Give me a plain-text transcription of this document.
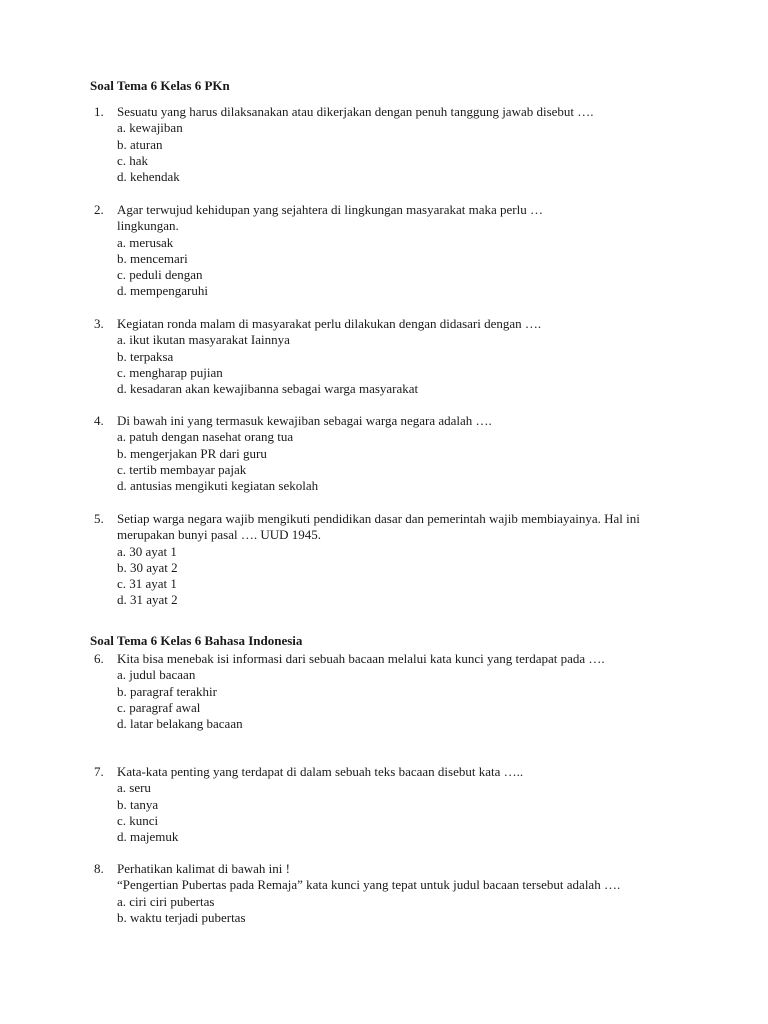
Soal Tema 6 Kelas 6 PKn
1.	Sesuatu yang harus dilaksanakan atau dikerjakan dengan penuh tanggung jawab disebut ….
a. kewajiban
b. aturan
c. hak
d. kehendak
2.	Agar terwujud kehidupan yang sejahtera di lingkungan masyarakat maka perlu … lingkungan.
a. merusak
b. mencemari
c. peduli dengan
d. mempengaruhi
3.	Kegiatan ronda malam di masyarakat perlu dilakukan dengan didasari dengan ….
a. ikut ikutan masyarakat Iainnya
b. terpaksa
c. mengharap pujian
d. kesadaran akan kewajibanna sebagai warga masyarakat
4.	Di bawah ini yang termasuk kewajiban sebagai warga negara adalah ….
a. patuh dengan nasehat orang tua
b. mengerjakan PR dari guru
c. tertib membayar pajak
d. antusias mengikuti kegiatan sekolah
5.	Setiap warga negara wajib mengikuti pendidikan dasar dan pemerintah wajib membiayainya. Hal ini merupakan bunyi pasal …. UUD 1945.
a. 30 ayat 1
b. 30 ayat 2
c. 31 ayat 1
d. 31 ayat 2
Soal Tema 6 Kelas 6 Bahasa Indonesia
6.	Kita bisa menebak isi informasi dari sebuah bacaan melalui kata kunci yang terdapat pada ….
a. judul bacaan
b. paragraf terakhir
c. paragraf awal
d. latar belakang bacaan
7.	Kata-kata penting yang terdapat di dalam sebuah teks bacaan disebut kata …..
a. seru
b. tanya
c. kunci
d. majemuk
8.	Perhatikan kalimat di bawah ini !
“Pengertian Pubertas pada Remaja” kata kunci yang tepat untuk judul bacaan tersebut adalah ….
a. ciri ciri pubertas
b. waktu terjadi pubertas
